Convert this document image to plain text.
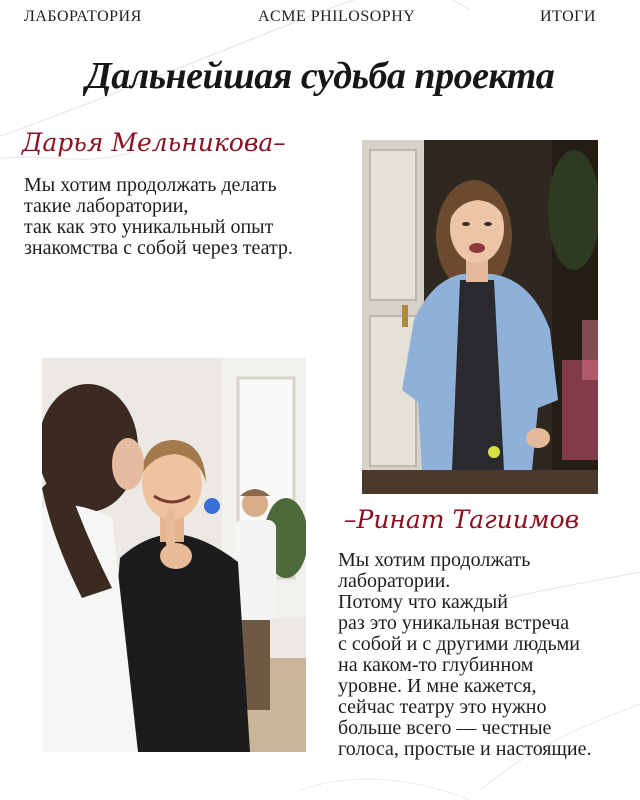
ЛАБОРАТОРИЯ	ACME PHILOSOPHY	ИТОГИ
Дальнейшая судьба проекта
Дарья Мельникова–
Мы хотим продолжать делать
такие лаборатории,
так как это уникальный опыт
знакомства с собой через театр.
–Ринат Тагиимов
Мы хотим продолжать
лаборатории.
Потому что каждый
раз это уникальная встреча
с собой и с другими людьми
на каком-то глубинном
уровне. И мне кажется,
сейчас театру это нужно
больше всего — честные
голоса, простые и настоящие.
